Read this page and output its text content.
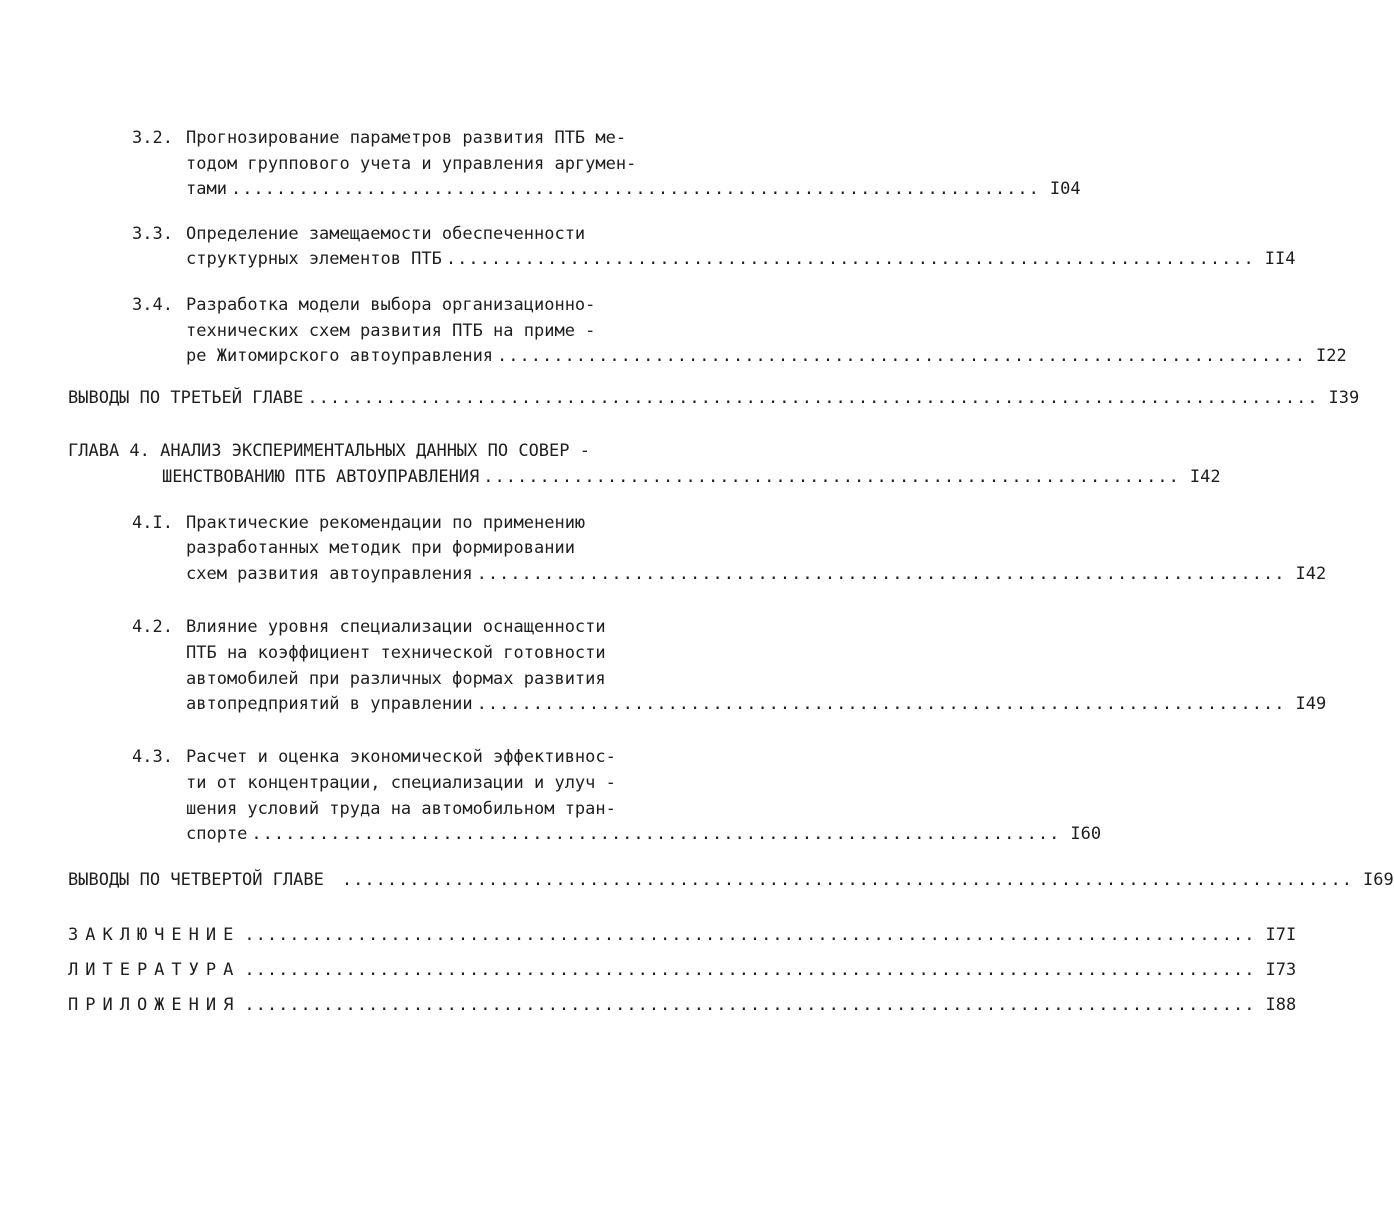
3.2. Прогнозирование параметров развития ПТБ ме-
тодом группового учета и управления аргумен-
тами ........................................................................ I04
3.3. Определение замещаемости обеспеченности
структурных элементов ПТБ ........................................................................ II4
3.4. Разработка модели выбора организационно-
технических схем развития ПТБ на приме -
ре Житомирского автоуправления ........................................................................ I22
ВЫВОДЫ ПО ТРЕТЬЕЙ ГЛАВЕ .......................................................................................... I39
ГЛАВА 4. АНАЛИЗ ЭКСПЕРИМЕНТАЛЬНЫХ ДАННЫХ ПО СОВЕР -
ШЕНСТВОВАНИЮ ПТБ АВТОУПРАВЛЕНИЯ .............................................................. I42
4.I. Практические рекомендации по применению
разработанных методик при формировании
схем развития автоуправления ........................................................................ I42
4.2. Влияние уровня специализации оснащенности
ПТБ на коэффициент технической готовности
автомобилей при различных формах развития
автопредприятий в управлении ........................................................................ I49
4.3. Расчет и оценка экономической эффективнос-
ти от концентрации, специализации и улуч -
шения условий труда на автомобильном тран-
спорте ........................................................................ I60
ВЫВОДЫ ПО ЧЕТВЕРТОЙ ГЛАВЕ .......................................................................................... I69
ЗАКЛЮЧЕНИЕ .......................................................................................... I7I
ЛИТЕРАТУРА .......................................................................................... I73
ПРИЛОЖЕНИЯ .......................................................................................... I88
